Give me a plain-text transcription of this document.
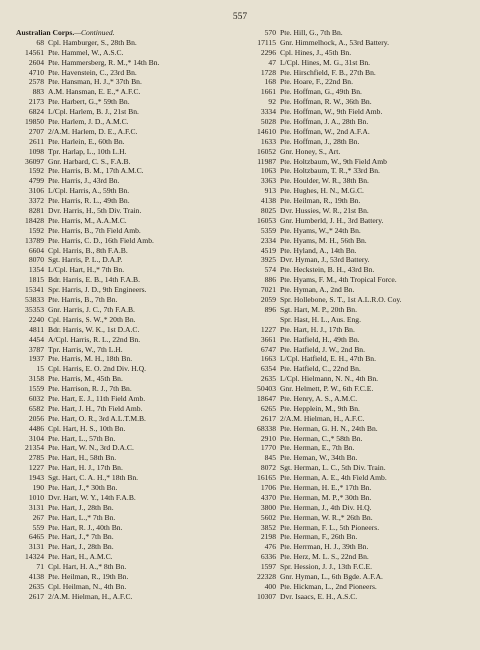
557
Australian Corps.—Continued.
68 Cpl. Hamburger, S., 28th Bn.
14561 Pte. Hammel, W., A.S.C.
2604 Pte. Hammersberg, R. M.,* 14th Bn.
4710 Pte. Havenstein, C., 23rd Bn.
2578 Pte. Hansman, H. J.,* 37th Bn.
883 A.M. Hansman, E. E.,* A.F.C.
2173 Pte. Harbert, G.,* 59th Bn.
6824 L/Cpl. Harlem, B. J., 21st Bn.
19850 Pte. Harlem, J. D., A.M.C.
2707 2/A.M. Harlem, D. E., A.F.C.
2611 Pte. Harlein, E., 60th Bn.
1098 Tpr. Harlap, L., 10th L.H.
36097 Gnr. Harbard, C. S., F.A.B.
1592 Pte. Harris, B. M., 17th A.M.C.
4799 Pte. Harris, J., 43rd Bn.
3106 L/Cpl. Harris, A., 59th Bn.
3372 Pte. Harris, R. L., 49th Bn.
8281 Dvr. Harris, H., 5th Div. Train.
18428 Pte. Harris, M., A.A.M.C.
1592 Pte. Harris, B., 7th Field Amb.
13789 Pte. Harris, C. D., 16th Field Amb.
6604 Cpl. Harris, B., 8th F.A.B.
8070 Sgt. Harris, P. L., D.A.P.
1354 L/Cpl. Hart, H.,* 7th Bn.
1815 Bdr. Harris, E. B., 14th F.A.B.
15341 Spr. Harris, J. D., 9th Engineers.
53833 Pte. Harris, B., 7th Bn.
35353 Gnr. Harris, J. C., 7th F.A.B.
2240 Cpl. Harris, S. W.,* 20th Bn.
4811 Bdr. Harris, W. K., 1st D.A.C.
4454 A/Cpl. Harris, R. L., 22nd Bn.
3787 Tpr. Harris, W., 7th L.H.
1937 Pte. Harris, M. H., 18th Bn.
15 Cpl. Harris, E. O. 2nd Div. H.Q.
3158 Pte. Harris, M., 45th Bn.
1559 Pte. Harrison, R. J., 7th Bn.
6032 Pte. Hart, E. J., 11th Field Amb.
6582 Pte. Hart, J. H., 7th Field Amb.
2056 Pte. Hart, O. R., 3rd A.L.T.M.B.
4486 Cpl. Hart, H. S., 10th Bn.
3104 Pte. Hart, L., 57th Bn.
21354 Pte. Hart, W. N., 3rd D.A.C.
2785 Pte. Hart, H., 58th Bn.
1227 Pte. Hart, H. J., 17th Bn.
1943 Sgt. Hart, C. A. H.,* 18th Bn.
190 Pte. Hart, J.,* 30th Bn.
1010 Dvr. Hart, W. Y., 14th F.A.B.
3131 Pte. Hart, J., 28th Bn.
267 Pte. Hart, L.,* 7th Bn.
559 Pte. Hart, R. J., 40th Bn.
6465 Pte. Hart, J.,* 7th Bn.
3131 Pte. Hart, J., 28th Bn.
14324 Pte. Hart, H., A.M.C.
71 Cpl. Hart, H. A.,* 8th Bn.
4138 Pte. Heilman, R., 19th Bn.
2635 Cpl. Heilman, N., 4th Bn.
2617 2/A.M. Hielman, H., A.F.C.
570 Pte. Hill, G., 7th Bn.
17115 Gnr. Himmelhock, A., 53rd Battery.
2296 Cpl. Hines, J., 45th Bn.
47 L/Cpl. Hines, M. G., 31st Bn.
1728 Pte. Hirschfield, F. B., 27th Bn.
168 Pte. Hoare, F., 22nd Bn.
1661 Pte. Hoffman, G., 49th Bn.
92 Pte. Hoffman, R. W., 36th Bn.
3334 Pte. Hoffman, W., 9th Field Amb.
5028 Pte. Hoffman, J. A., 28th Bn.
14610 Pte. Hoffman, W., 2nd A.F.A.
1633 Pte. Hoffman, J., 28th Bn.
16052 Gnr. Honey, S., Art.
11987 Pte. Holtzbaum, W., 9th Field Amb
1063 Pte. Holtzbaum, T. R.,* 33rd Bn.
3363 Pte. Houlder, W. R., 38th Bn.
913 Pte. Hughes, H. N., M.G.C.
4138 Pte. Heilman, R., 19th Bn.
8025 Dvr. Hussies, W. R., 21st Bn.
16053 Gnr. Humberld, J. H., 3rd Battery.
5359 Pte. Hyams, W.,* 24th Bn.
2334 Pte. Hyams, M. H., 56th Bn.
4519 Pte. Hyland, A., 14th Bn.
3925 Dvr. Hyman, J., 53rd Battery.
574 Pte. Heckstein, B. H., 43rd Bn.
886 Pte. Hyams, F. M., 4th Tropical Force.
7021 Pte. Hyman, A., 2nd Bn.
2059 Spr. Hollebone, S. T., 1st A.L.R.O. Coy.
896 Sgt. Hart, M. P., 20th Bn.
Spr. Hast, H. L., Aus. Eng.
1227 Pte. Hart, H. J., 17th Bn.
3661 Pte. Hatfield, H., 49th Bn.
6747 Pte. Hatfield, J. W., 2nd Bn.
1663 L/Cpl. Hatfield, E. H., 47th Bn.
6354 Pte. Hatfield, C., 22nd Bn.
2635 L/Cpl. Hielmann, N. N., 4th Bn.
50403 Gnr. Helmett, P. W., 6th F.C.E.
18647 Pte. Henry, A. S., A.M.C.
6265 Pte. Hepplein, M., 9th Bn.
2617 2/A.M. Hielman, H., A.F.C.
68338 Pte. Herman, G. H. N., 24th Bn.
2910 Pte. Herman, C.,* 58th Bn.
1770 Pte. Herman, E., 7th Bn.
845 Pte. Heman, W., 34th Bn.
8072 Sgt. Herman, L. C., 5th Div. Train.
16165 Pte. Herman, A. E., 4th Field Amb.
1706 Pte. Herman, H. E.,* 17th Bn.
4370 Pte. Herman, M. P.,* 30th Bn.
3800 Pte. Herman, J., 4th Div. H.Q.
5602 Pte. Herman, W. R.,* 26th Bn.
3852 Pte. Herman, F. L., 5th Pioneers.
2198 Pte. Herman, F., 26th Bn.
476 Pte. Herrman, H. J., 39th Bn.
6336 Pte. Herz, M. L. S., 22nd Bn.
1597 Spr. Hession, J. J., 13th F.C.E.
22328 Gnr. Hyman, L., 6th Bgde. A.F.A.
400 Pte. Hickman, L., 2nd Pioneers.
10307 Dvr. Isaacs, E. H., A.S.C.
